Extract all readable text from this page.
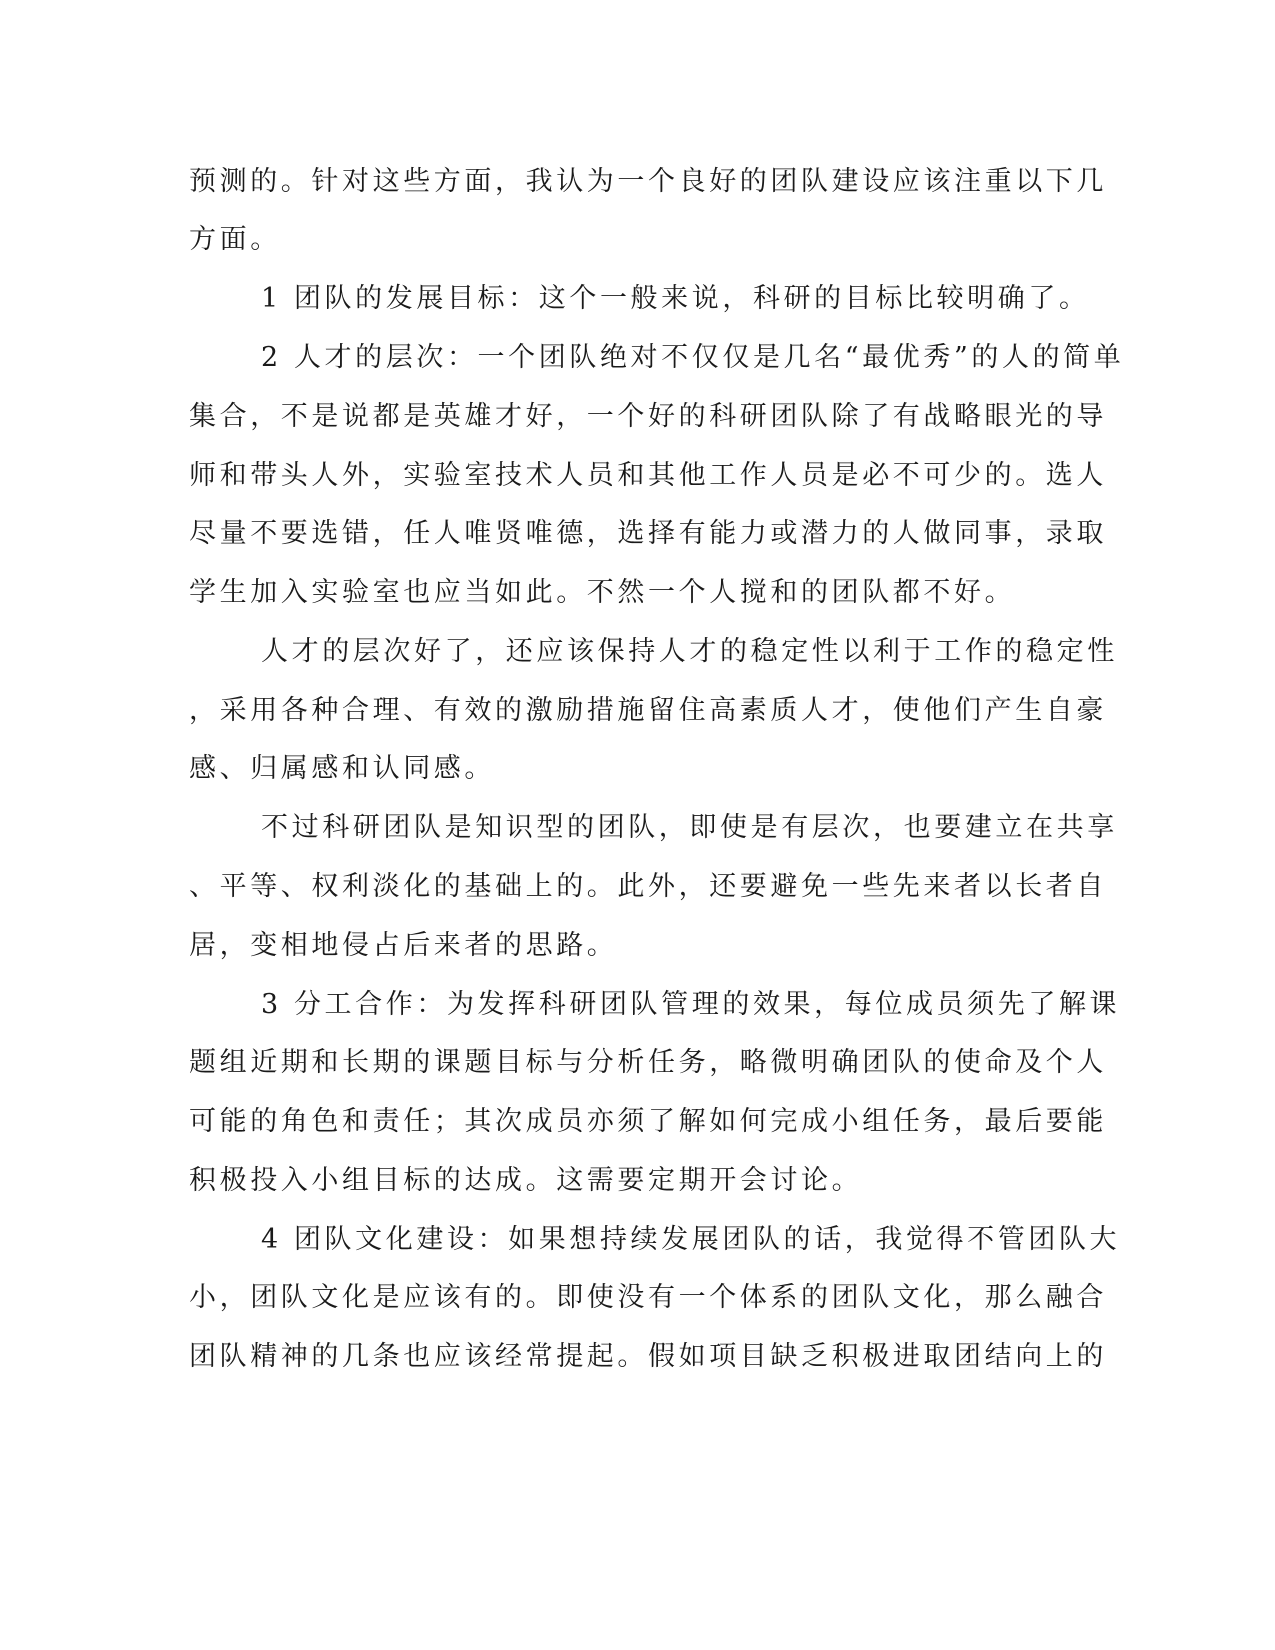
预测的。针对这些方面，我认为一个良好的团队建设应该注重以下几
方面。
1 团队的发展目标：这个一般来说，科研的目标比较明确了。
2 人才的层次：一个团队绝对不仅仅是几名“最优秀”的人的简单
集合，不是说都是英雄才好，一个好的科研团队除了有战略眼光的导
师和带头人外，实验室技术人员和其他工作人员是必不可少的。选人
尽量不要选错，任人唯贤唯德，选择有能力或潜力的人做同事，录取
学生加入实验室也应当如此。不然一个人搅和的团队都不好。
人才的层次好了，还应该保持人才的稳定性以利于工作的稳定性
，采用各种合理、有效的激励措施留住高素质人才，使他们产生自豪
感、归属感和认同感。
不过科研团队是知识型的团队，即使是有层次，也要建立在共享
、平等、权利淡化的基础上的。此外，还要避免一些先来者以长者自
居，变相地侵占后来者的思路。
3 分工合作：为发挥科研团队管理的效果，每位成员须先了解课
题组近期和长期的课题目标与分析任务，略微明确团队的使命及个人
可能的角色和责任；其次成员亦须了解如何完成小组任务，最后要能
积极投入小组目标的达成。这需要定期开会讨论。
4 团队文化建设：如果想持续发展团队的话，我觉得不管团队大
小，团队文化是应该有的。即使没有一个体系的团队文化，那么融合
团队精神的几条也应该经常提起。假如项目缺乏积极进取团结向上的
